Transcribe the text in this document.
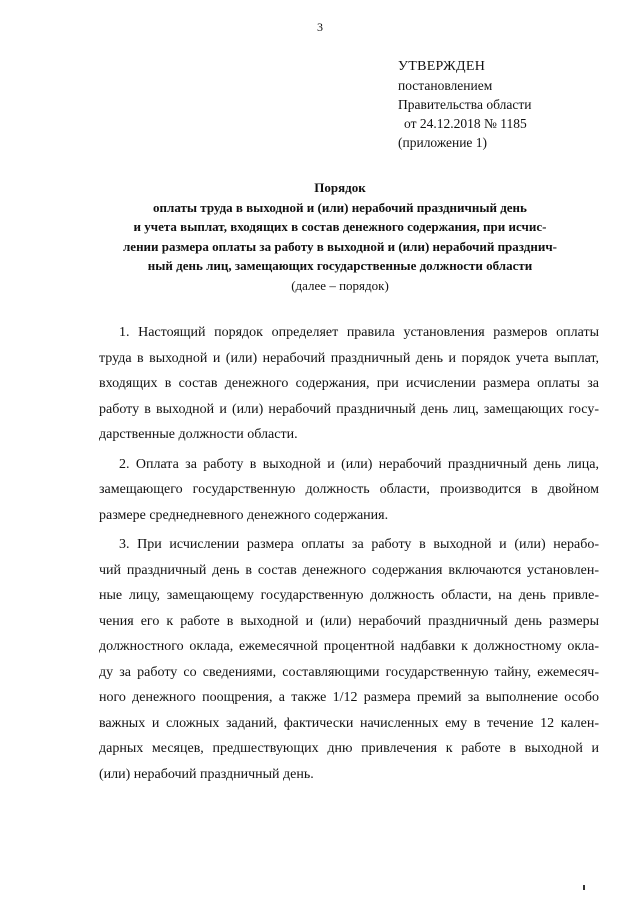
3
УТВЕРЖДЕН
постановлением
Правительства области
от 24.12.2018 № 1185
(приложение 1)
Порядок
оплаты труда в выходной и (или) нерабочий праздничный день
и учета выплат, входящих в состав денежного содержания, при исчис-
лении размера оплаты за работу в выходной и (или) нерабочий празднич-
ный день лиц, замещающих государственные должности области
(далее – порядок)
1. Настоящий порядок определяет правила установления размеров оплаты
труда в выходной и (или) нерабочий праздничный день и порядок учета выплат,
входящих в состав денежного содержания, при исчислении размера оплаты за
работу в выходной и (или) нерабочий праздничный день лиц, замещающих госу-
дарственные должности области.
2. Оплата за работу в выходной и (или) нерабочий праздничный день лица,
замещающего государственную должность области, производится в двойном
размере среднедневного денежного содержания.
3. При исчислении размера оплаты за работу в выходной и (или) нерабо-
чий праздничный день в состав денежного содержания включаются установлен-
ные лицу, замещающему государственную должность области, на день привле-
чения его к работе в выходной и (или) нерабочий праздничный день размеры
должностного оклада, ежемесячной процентной надбавки к должностному окла-
ду за работу со сведениями, составляющими государственную тайну, ежемесяч-
ного денежного поощрения, а также 1/12 размера премий за выполнение особо
важных и сложных заданий, фактически начисленных ему в течение 12 кален-
дарных месяцев, предшествующих дню привлечения к работе в выходной и
(или) нерабочий праздничный день.
